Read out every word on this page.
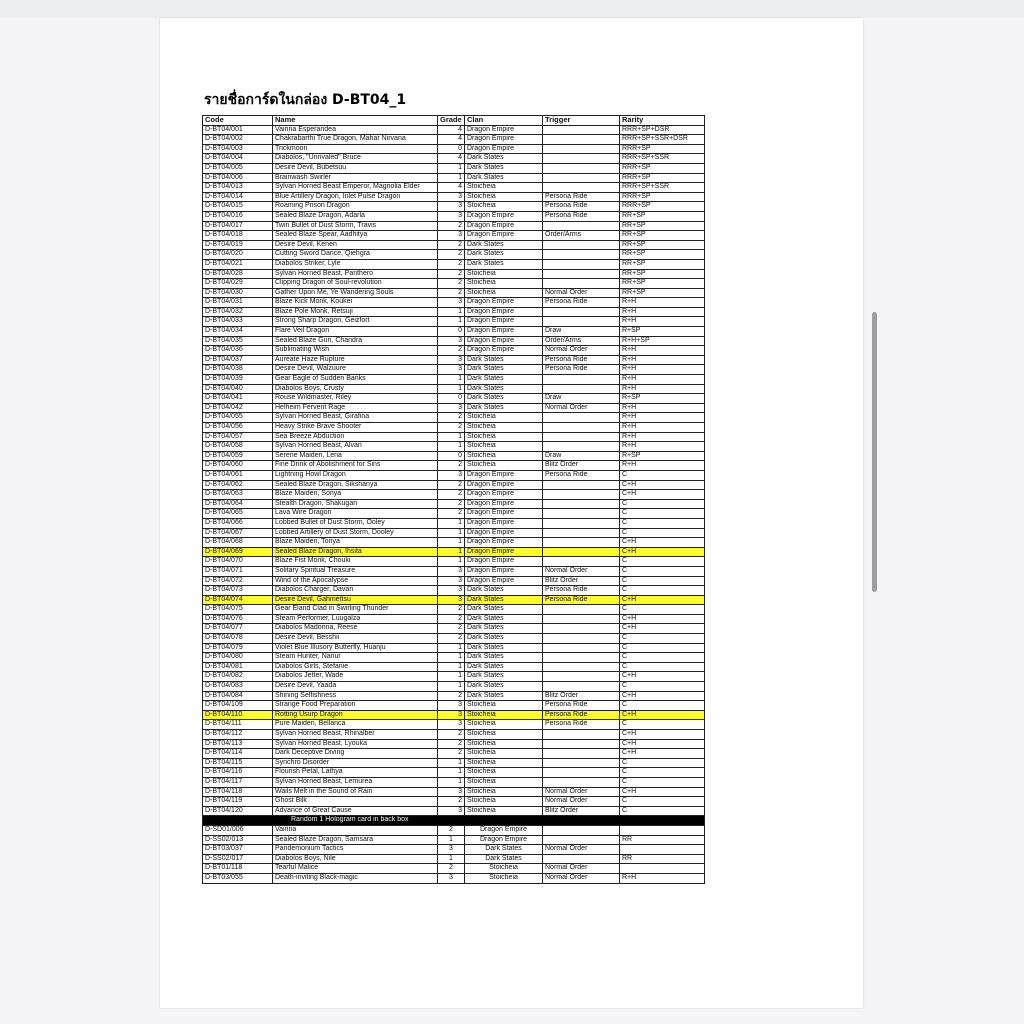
รายชื่อการ์ดในกล่อง D-BT04_1
Code	Name	Grade	Clan	Trigger	Rarity
D-BT04/001	Vairina Esperaridea	4	Dragon Empire		RRR+SP+DSR
D-BT04/002	Chakrabarthi True Dragon, Mahar Nirvana	4	Dragon Empire		RRR+SP+SSR+DSR
D-BT04/003	Trickmoon	0	Dragon Empire		RRR+SP
D-BT04/004	Diabolos, "Unrivaled" Bruce	4	Dark States		RRR+SP+SSR
D-BT04/005	Desire Devil, Bubetsuu	1	Dark States		RRR+SP
D-BT04/006	Brainwash Swirler	1	Dark States		RRR+SP
D-BT04/013	Sylvan Horned Beast Emperor, Magnolia Elder	4	Stoicheia		RRR+SP+SSR
D-BT04/014	Blue Artillery Dragon, Inlet Pulse Dragon	3	Stoicheia	Persona Ride	RRR+SP
D-BT04/015	Roaming Prison Dragon	3	Stoicheia	Persona Ride	RRR+SP
D-BT04/016	Sealed Blaze Dragon, Adarla	3	Dragon Empire	Persona Ride	RR+SP
D-BT04/017	Twin Bullet of Dust Storm, Travis	2	Dragon Empire		RR+SP
D-BT04/018	Sealed Blaze Spear, Aadhitya	3	Dragon Empire	Order/Arms	RR+SP
D-BT04/019	Desire Devil, Kenen	2	Dark States		RR+SP
D-BT04/020	Cutting Sword Dance, Qiehgra	2	Dark States		RR+SP
D-BT04/021	Diabolos Striker, Lyle	2	Dark States		RR+SP
D-BT04/028	Sylvan Horned Beast, Panthero	2	Stoicheia		RR+SP
D-BT04/029	Clipping Dragon of Soul-revolution	2	Stoicheia		RR+SP
D-BT04/030	Gather Upon Me, Ye Wandering Souls	2	Stoicheia	Normal Order	RR+SP
D-BT04/031	Blaze Kick Monk, Koukei	3	Dragon Empire	Persona Ride	R+H
D-BT04/032	Blaze Pole Monk, Retsuji	1	Dragon Empire		R+H
D-BT04/033	Strong Sharp Dragon, Geizfort	1	Dragon Empire		R+H
D-BT04/034	Flare Veil Dragon	0	Dragon Empire	Draw	R+SP
D-BT04/035	Sealed Blaze Gun, Chandra	3	Dragon Empire	Order/Arms	R+H+SP
D-BT04/036	Sublimating Wish	2	Dragon Empire	Normal Order	R+H
D-BT04/037	Aureate Haze Rupture	3	Dark States	Persona Ride	R+H
D-BT04/038	Desire Devil, Walzuure	3	Dark States	Persona Ride	R+H
D-BT04/039	Gear Eagle of Sudden Banks	1	Dark States		R+H
D-BT04/040	Diabolos Boys, Crusty	1	Dark States		R+H
D-BT04/041	Rouse Wildmaster, Riley	0	Dark States	Draw	R+SP
D-BT04/042	Helheim Fervent Rage	3	Dark States	Normal Order	R+H
D-BT04/055	Sylvan Horned Beast, Girafina	2	Stoicheia		R+H
D-BT04/056	Heavy Strike Brave Shooter	2	Stoicheia		R+H
D-BT04/057	Sea Breeze Abduction	1	Stoicheia		R+H
D-BT04/058	Sylvan Horned Beast, Alvan	1	Stoicheia		R+H
D-BT04/059	Serene Maiden, Lena	0	Stoicheia	Draw	R+SP
D-BT04/060	Fine Drink of Abolishment for Sins	2	Stoicheia	Blitz Order	R+H
D-BT04/061	Lightning Howl Dragon	3	Dragon Empire	Persona Ride	C
D-BT04/062	Sealed Blaze Dragon, Sikshanya	2	Dragon Empire		C+H
D-BT04/063	Blaze Maiden, Sonya	2	Dragon Empire		C+H
D-BT04/064	Stealth Dragon, Shakugan	2	Dragon Empire		C
D-BT04/065	Lava Wire Dragon	2	Dragon Empire		C
D-BT04/066	Lobbed Bullet of Dust Storm, Ooley	1	Dragon Empire		C
D-BT04/067	Lobbed Artillery of Dust Storm, Dooley	1	Dragon Empire		C
D-BT04/068	Blaze Maiden, Tonya	1	Dragon Empire		C+H
D-BT04/069	Sealed Blaze Dragon, Ihsita	1	Dragon Empire		C+H
D-BT04/070	Blaze Fist Monk, Chouki	1	Dragon Empire		C
D-BT04/071	Solitary Spiritual Treasure	3	Dragon Empire	Normal Order	C
D-BT04/072	Wind of the Apocalypse	3	Dragon Empire	Blitz Order	C
D-BT04/073	Diabolos Charger, Davan	3	Dark States	Persona Ride	C
D-BT04/074	Desire Devil, Gahmettsu	3	Dark States	Persona Ride	C+H
D-BT04/075	Gear Eland Clad in Swirling Thunder	2	Dark States		C
D-BT04/076	Steam Performer, Luugalza	2	Dark States		C+H
D-BT04/077	Diabolos Madonna, Reese	2	Dark States		C+H
D-BT04/078	Desire Devil, Besshii	2	Dark States		C
D-BT04/079	Violet Blue Illusory Butterfly, Huanju	1	Dark States		C
D-BT04/080	Steam Hunter, Nanur	1	Dark States		C
D-BT04/081	Diabolos Girls, Stefanie	1	Dark States		C
D-BT04/082	Diabolos Jetter, Wade	1	Dark States		C+H
D-BT04/083	Desire Devil, Yaada	1	Dark States		C
D-BT04/084	Shining Selfishness	2	Dark States	Blitz Order	C+H
D-BT04/109	Strange Food Preparation	3	Stoicheia	Persona Ride	C
D-BT04/110	Rotting Usurp Dragon	3	Stoicheia	Persona Ride	C+H
D-BT04/111	Pure Maiden, Bellanca	3	Stoicheia	Persona Ride	C
D-BT04/112	Sylvan Horned Beast, Rhinalber	2	Stoicheia		C+H
D-BT04/113	Sylvan Horned Beast, Lyouka	2	Stoicheia		C+H
D-BT04/114	Dark Deceptive Diving	2	Stoicheia		C+H
D-BT04/115	Synchro Disorder	1	Stoicheia		C
D-BT04/116	Flourish Petal, Lathya	1	Stoicheia		C
D-BT04/117	Sylvan Horned Beast, Lemurea	1	Stoicheia		C
D-BT04/118	Wails Melt in the Sound of Rain	3	Stoicheia	Normal Order	C+H
D-BT04/119	Ghost Bilk	2	Stoicheia	Normal Order	C
D-BT04/120	Advance of Great Cause	3	Stoicheia	Blitz Order	C
Random 1 Hologram card in back box					
D-SD01/006	Vairina	2	Dragon Empire		
D-SS02/013	Sealed Blaze Dragon, Samsara	1	Dragon Empire		RR
D-BT03/037	Pandemonium Tactics	3	Dark States	Normal Order	
D-SS02/017	Diabolos Boys, Nile	1	Dark States		RR
D-BT01/118	Tearful Malice	2	Stoicheia	Normal Order	
D-BT03/055	Death-inviting Black-magic	3	Stoicheia	Normal Order	R+H
